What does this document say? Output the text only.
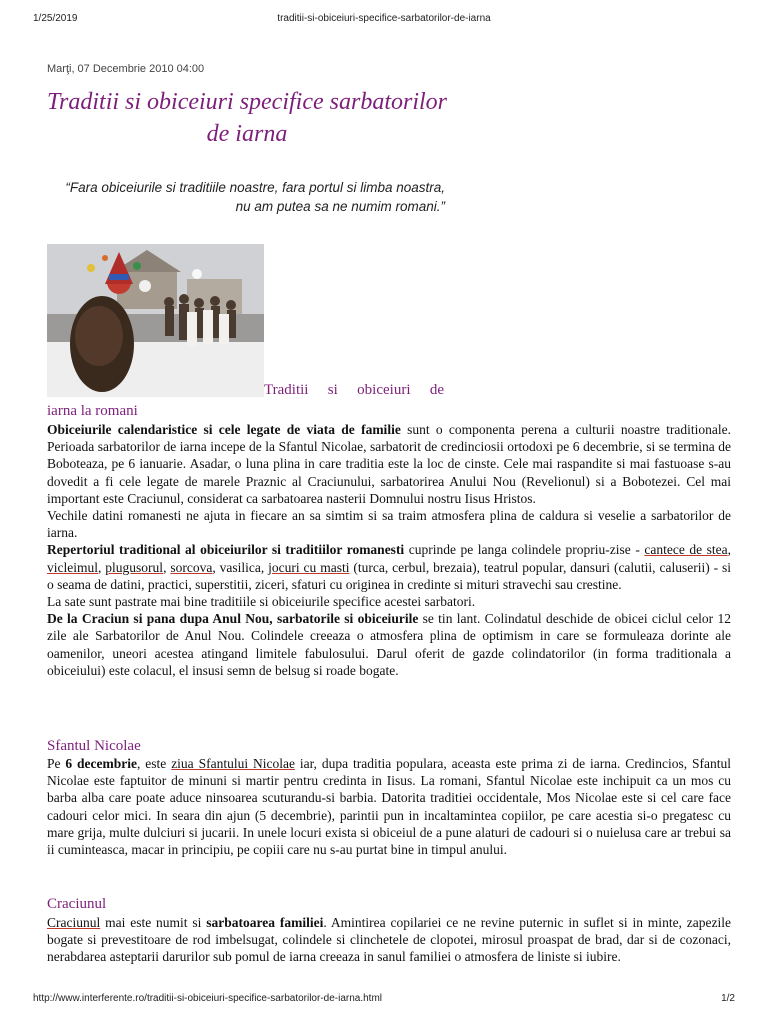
1/25/2019	traditii-si-obiceiuri-specifice-sarbatorilor-de-iarna
Marţi, 07 Decembrie 2010 04:00
Traditii si obiceiuri specifice sarbatorilor de iarna

“Fara obiceiurile si traditiile noastre, fara portul si limba noastra, nu am putea sa ne numim romani.”

Traditii si obiceiuri de
iarna la romani

Obiceiurile calendaristice si cele legate de viata de familie sunt o componenta perena a culturii noastre traditionale. Perioada sarbatorilor de iarna incepe de la Sfantul Nicolae, sarbatorit de credinciosii ortodoxi pe 6 decembrie, si se termina de Boboteaza, pe 6 ianuarie. Asadar, o luna plina in care traditia este la loc de cinste. Cele mai raspandite si mai fastuoase s-au dovedit a fi cele legate de marele Praznic al Craciunului, sarbatorirea Anului Nou (Revelionul) si a Bobotezei. Cel mai important este Craciunul, considerat ca sarbatoarea nasterii Domnului nostru Iisus Hristos.

Vechile datini romanesti ne ajuta in fiecare an sa simtim si sa traim atmosfera plina de caldura si veselie a sarbatorilor de iarna.

Repertoriul traditional al obiceiurilor si traditiilor romanesti cuprinde pe langa colindele propriu-zise - cantece de stea, vicleimul, plugusorul, sorcova, vasilica, jocuri cu masti (turca, cerbul, brezaia), teatrul popular, dansuri (calutii, caluserii) - si o seama de datini, practici, superstitii, ziceri, sfaturi cu originea in credinte si mituri stravechi sau crestine.

La sate sunt pastrate mai bine traditiile si obiceiurile specifice acestei sarbatori.

De la Craciun si pana dupa Anul Nou, sarbatorile si obiceiurile se tin lant. Colindatul deschide de obicei ciclul celor 12 zile ale Sarbatorilor de Anul Nou. Colindele creeaza o atmosfera plina de optimism in care se formuleaza dorinte ale oamenilor, uneori acestea atingand limitele fabulosului. Darul oferit de gazde colindatorilor (in forma traditionala a obiceiului) este colacul, el insusi semn de belsug si roade bogate.

Sfantul Nicolae

Pe 6 decembrie, este ziua Sfantului Nicolae iar, dupa traditia populara, aceasta este prima zi de iarna. Credincios, Sfantul Nicolae este faptuitor de minuni si martir pentru credinta in Iisus. La romani, Sfantul Nicolae este inchipuit ca un mos cu barba alba care poate aduce ninsoarea scuturandu-si barbia. Datorita traditiei occidentale, Mos Nicolae este si cel care face cadouri celor mici. In seara din ajun (5 decembrie), parintii pun in incaltamintea copiilor, pe care acestia si-o pregatesc cu mare grija, multe dulciuri si jucarii. In unele locuri exista si obiceiul de a pune alaturi de cadouri si o nuielusa care ar trebui sa ii cuminteasca, macar in principiu, pe copiii care nu s-au purtat bine in timpul anului.

Craciunul

Craciunul mai este numit si sarbatoarea familiei. Amintirea copilariei ce ne revine puternic in suflet si in minte, zapezile bogate si prevestitoare de rod imbelsugat, colindele si clinchetele de clopotei, mirosul proaspat de brad, dar si de cozonaci, nerabdarea asteptarii darurilor sub pomul de iarna creeaza in sanul familiei o atmosfera de liniste si iubire.

http://www.interferente.ro/traditii-si-obiceiuri-specifice-sarbatorilor-de-iarna.html	1/2
